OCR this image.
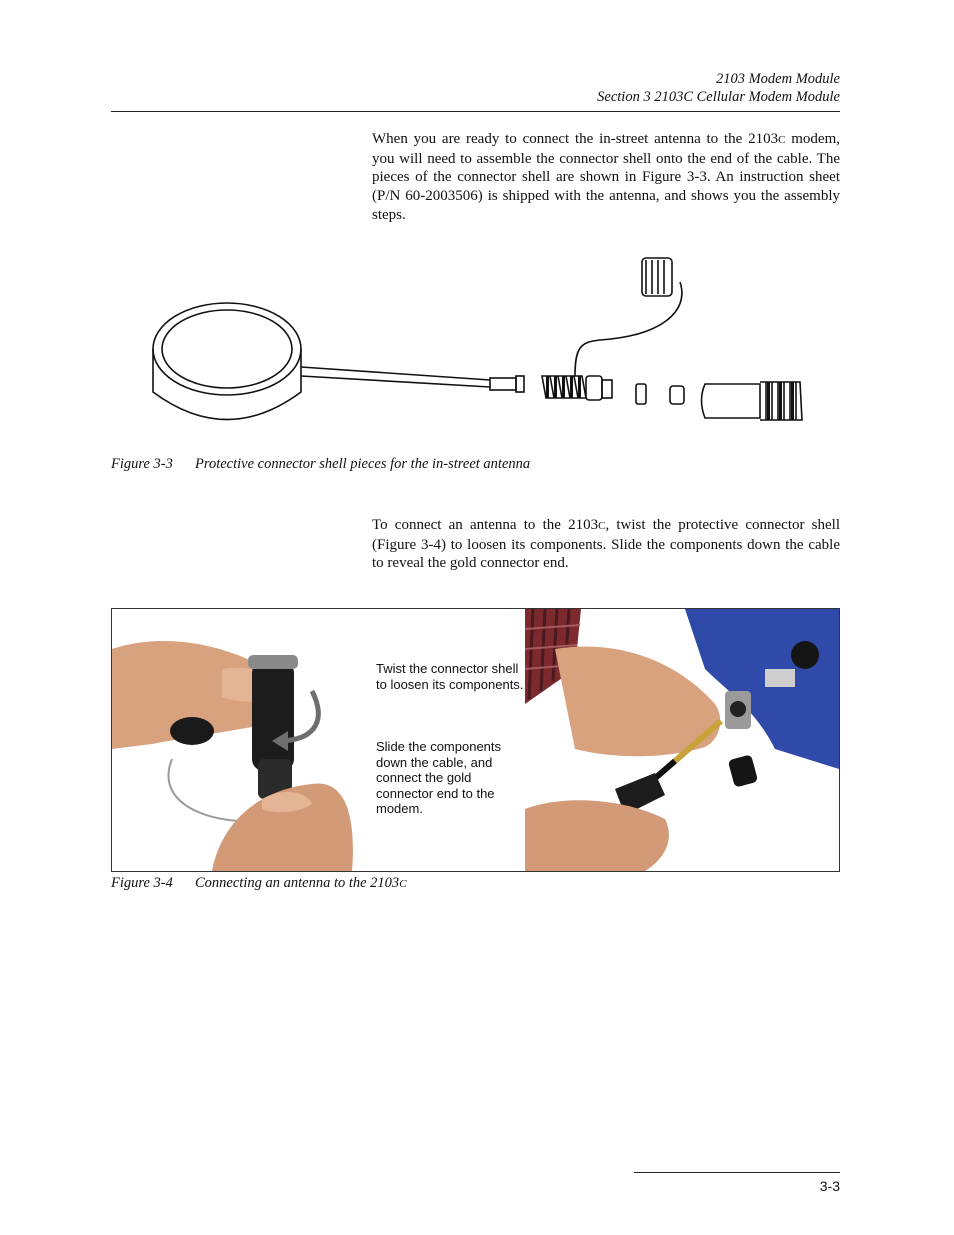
2103 Modem Module
Section 3 2103C Cellular Modem Module

When you are ready to connect the in-street antenna to the 2103C modem, you will need to assemble the connector shell onto the end of the cable. The pieces of the connector shell are shown in Figure 3-3. An instruction sheet (P/N 60-2003506) is shipped with the antenna, and shows you the assembly steps.

Figure 3-3 Protective connector shell pieces for the in-street antenna

To connect an antenna to the 2103C, twist the protective connector shell (Figure 3-4) to loosen its components. Slide the components down the cable to reveal the gold connector end.

Twist the connector shell to loosen its components.
Slide the components down the cable, and connect the gold connector end to the modem.
Figure 3-4 Connecting an antenna to the 2103C
3-3
